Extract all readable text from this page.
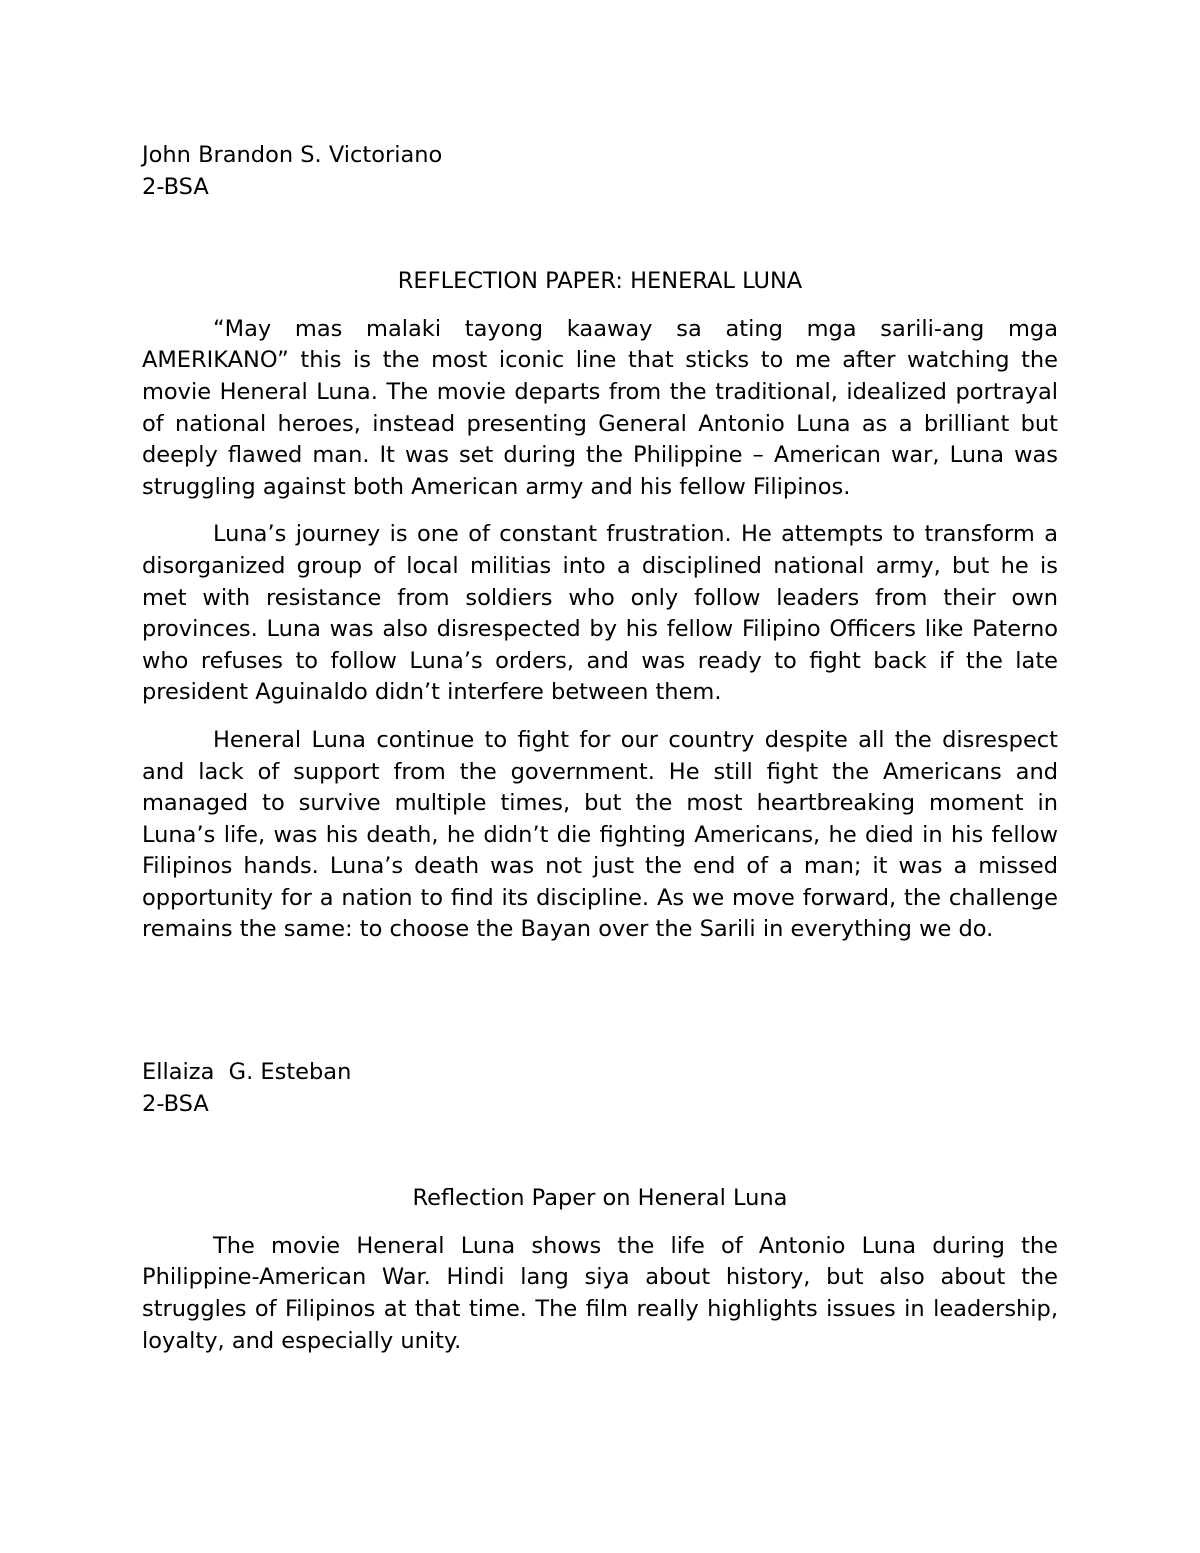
John Brandon S. Victoriano

2-BSA

REFLECTION PAPER: HENERAL LUNA

“May mas malaki tayong kaaway sa ating mga sarili-ang mga AMERIKANO” this is the most iconic line that sticks to me after watching the movie Heneral Luna. The movie departs from the traditional, idealized portrayal of national heroes, instead presenting General Antonio Luna as a brilliant but deeply flawed man. It was set during the Philippine – American war, Luna was struggling against both American army and his fellow Filipinos.

Luna’s journey is one of constant frustration. He attempts to transform a disorganized group of local militias into a disciplined national army, but he is met with resistance from soldiers who only follow leaders from their own provinces. Luna was also disrespected by his fellow Filipino Officers like Paterno who refuses to follow Luna’s orders, and was ready to fight back if the late president Aguinaldo didn’t interfere between them.

Heneral Luna continue to fight for our country despite all the disrespect and lack of support from the government. He still fight the Americans and managed to survive multiple times, but the most heartbreaking moment in Luna’s life, was his death, he didn’t die fighting Americans, he died in his fellow Filipinos hands. Luna’s death was not just the end of a man; it was a missed opportunity for a nation to find its discipline. As we move forward, the challenge remains the same: to choose the Bayan over the Sarili in everything we do.

Ellaiza  G. Esteban

2-BSA

Reflection Paper on Heneral Luna

The movie Heneral Luna shows the life of Antonio Luna during the Philippine-American War. Hindi lang siya about history, but also about the struggles of Filipinos at that time. The film really highlights issues in leadership, loyalty, and especially unity.
